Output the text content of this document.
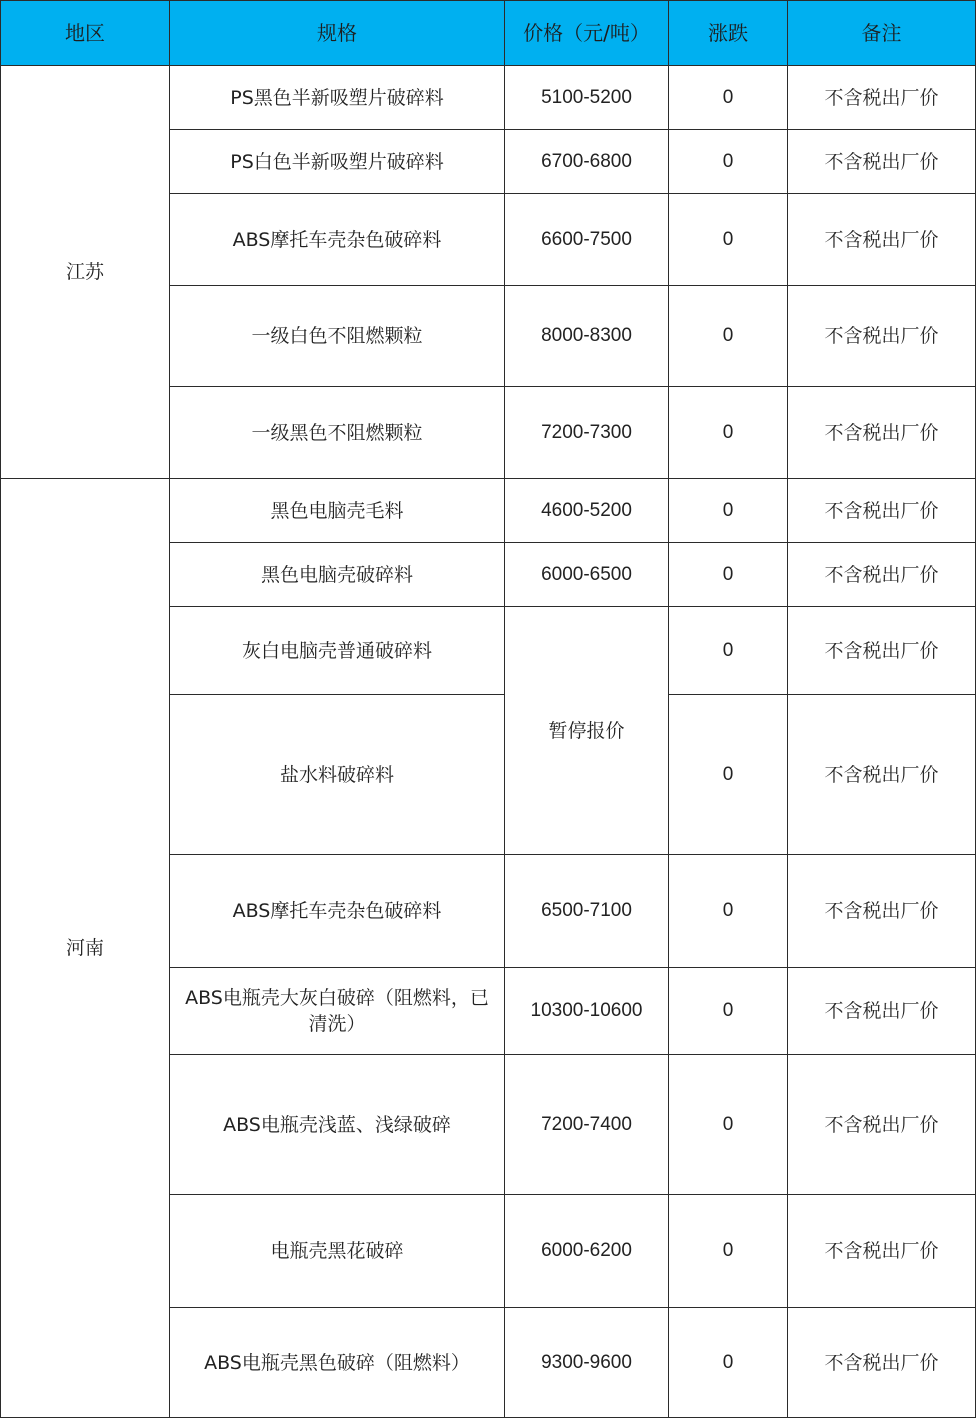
地区	规格	价格（元/吨）	涨跌	备注
江苏	PS黑色半新吸塑片破碎料	5100-5200	0	不含税出厂价
	PS白色半新吸塑片破碎料	6700-6800	0	不含税出厂价
	ABS摩托车壳杂色破碎料	6600-7500	0	不含税出厂价
	一级白色不阻燃颗粒	8000-8300	0	不含税出厂价
	一级黑色不阻燃颗粒	7200-7300	0	不含税出厂价
河南	黑色电脑壳毛料	4600-5200	0	不含税出厂价
	黑色电脑壳破碎料	6000-6500	0	不含税出厂价
	灰白电脑壳普通破碎料	暂停报价	0	不含税出厂价
	盐水料破碎料		0	不含税出厂价
	ABS摩托车壳杂色破碎料	6500-7100	0	不含税出厂价
	ABS电瓶壳大灰白破碎（阻燃料，已清洗）	10300-10600	0	不含税出厂价
	ABS电瓶壳浅蓝、浅绿破碎	7200-7400	0	不含税出厂价
	电瓶壳黑花破碎	6000-6200	0	不含税出厂价
	ABS电瓶壳黑色破碎（阻燃料）	9300-9600	0	不含税出厂价
